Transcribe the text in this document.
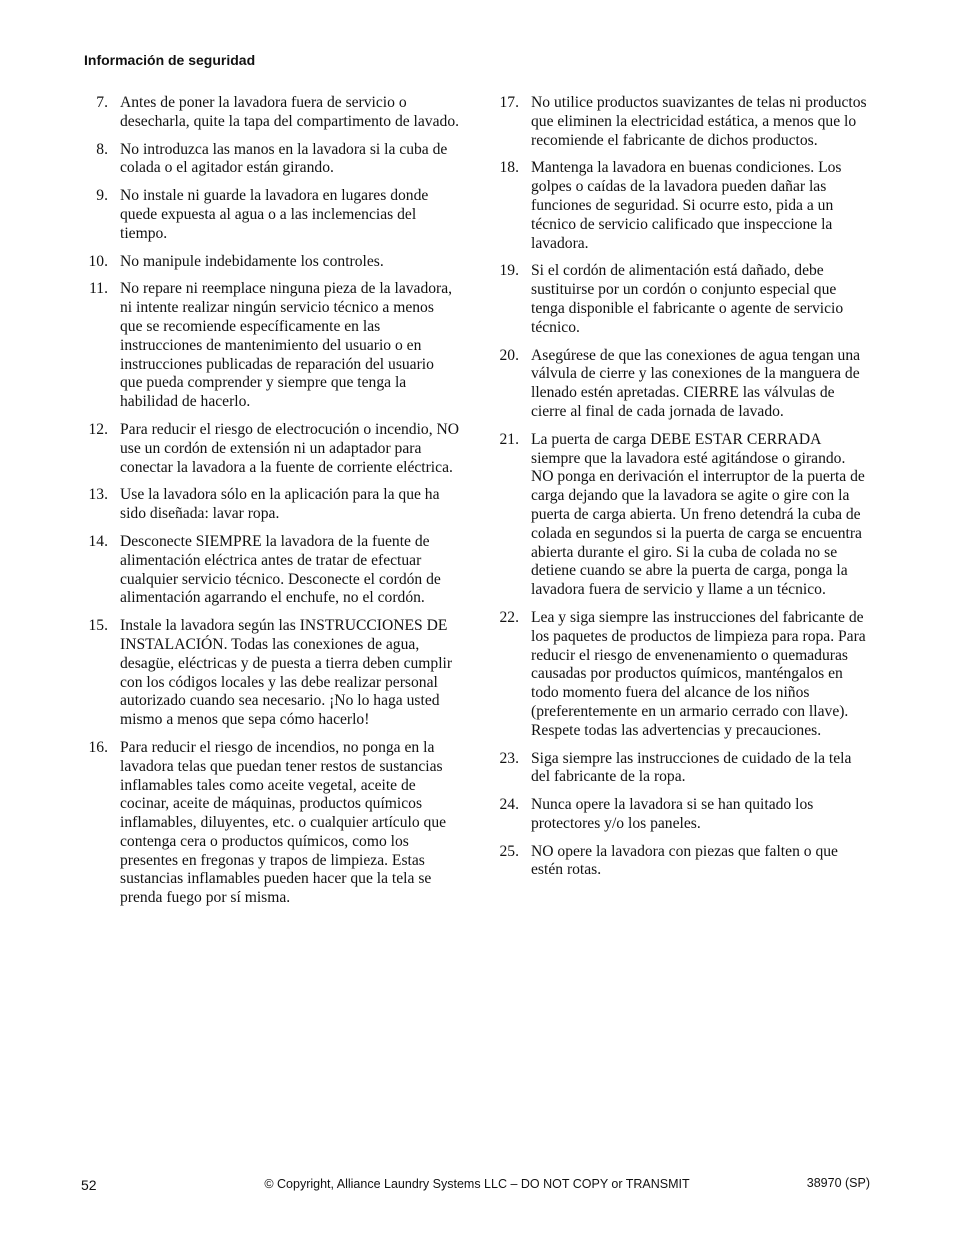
Información de seguridad
7. Antes de poner la lavadora fuera de servicio o desecharla, quite la tapa del compartimento de lavado.
8. No introduzca las manos en la lavadora si la cuba de colada o el agitador están girando.
9. No instale ni guarde la lavadora en lugares donde quede expuesta al agua o a las inclemencias del tiempo.
10. No manipule indebidamente los controles.
11. No repare ni reemplace ninguna pieza de la lavadora, ni intente realizar ningún servicio técnico a menos que se recomiende específicamente en las instrucciones de mantenimiento del usuario o en instrucciones publicadas de reparación del usuario que pueda comprender y siempre que tenga la habilidad de hacerlo.
12. Para reducir el riesgo de electrocución o incendio, NO use un cordón de extensión ni un adaptador para conectar la lavadora a la fuente de corriente eléctrica.
13. Use la lavadora sólo en la aplicación para la que ha sido diseñada: lavar ropa.
14. Desconecte SIEMPRE la lavadora de la fuente de alimentación eléctrica antes de tratar de efectuar cualquier servicio técnico. Desconecte el cordón de alimentación agarrando el enchufe, no el cordón.
15. Instale la lavadora según las INSTRUCCIONES DE INSTALACIÓN. Todas las conexiones de agua, desagüe, eléctricas y de puesta a tierra deben cumplir con los códigos locales y las debe realizar personal autorizado cuando sea necesario. ¡No lo haga usted mismo a menos que sepa cómo hacerlo!
16. Para reducir el riesgo de incendios, no ponga en la lavadora telas que puedan tener restos de sustancias inflamables tales como aceite vegetal, aceite de cocinar, aceite de máquinas, productos químicos inflamables, diluyentes, etc. o cualquier artículo que contenga cera o productos químicos, como los presentes en fregonas y trapos de limpieza. Estas sustancias inflamables pueden hacer que la tela se prenda fuego por sí misma.
17. No utilice productos suavizantes de telas ni productos que eliminen la electricidad estática, a menos que lo recomiende el fabricante de dichos productos.
18. Mantenga la lavadora en buenas condiciones. Los golpes o caídas de la lavadora pueden dañar las funciones de seguridad. Si ocurre esto, pida a un técnico de servicio calificado que inspeccione la lavadora.
19. Si el cordón de alimentación está dañado, debe sustituirse por un cordón o conjunto especial que tenga disponible el fabricante o agente de servicio técnico.
20. Asegúrese de que las conexiones de agua tengan una válvula de cierre y las conexiones de la manguera de llenado estén apretadas. CIERRE las válvulas de cierre al final de cada jornada de lavado.
21. La puerta de carga DEBE ESTAR CERRADA siempre que la lavadora esté agitándose o girando. NO ponga en derivación el interruptor de la puerta de carga dejando que la lavadora se agite o gire con la puerta de carga abierta. Un freno detendrá la cuba de colada en segundos si la puerta de carga se encuentra abierta durante el giro. Si la cuba de colada no se detiene cuando se abre la puerta de carga, ponga la lavadora fuera de servicio y llame a un técnico.
22. Lea y siga siempre las instrucciones del fabricante de los paquetes de productos de limpieza para ropa. Para reducir el riesgo de envenenamiento o quemaduras causadas por productos químicos, manténgalos en todo momento fuera del alcance de los niños (preferentemente en un armario cerrado con llave). Respete todas las advertencias y precauciones.
23. Siga siempre las instrucciones de cuidado de la tela del fabricante de la ropa.
24. Nunca opere la lavadora si se han quitado los protectores y/o los paneles.
25. NO opere la lavadora con piezas que falten o que estén rotas.
52	© Copyright, Alliance Laundry Systems LLC – DO NOT COPY or TRANSMIT	38970 (SP)
